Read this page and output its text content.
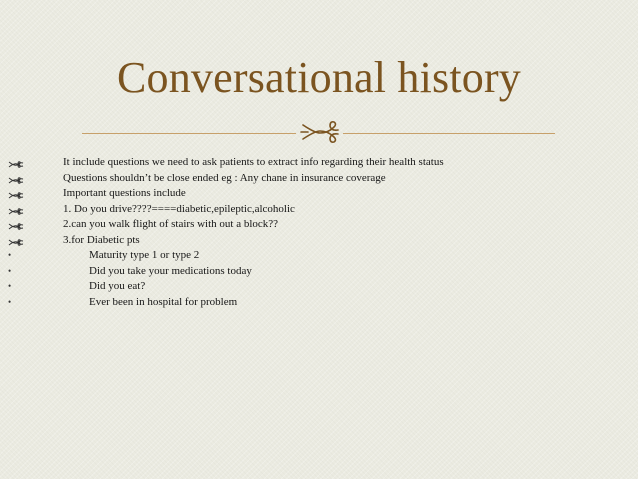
Conversational history
It include questions we need to ask patients to extract info regarding their health status
Questions shouldn’t be close ended eg : Any chane in insurance coverage
Important questions include
1. Do you drive????====diabetic,epileptic,alcoholic
2.can you walk flight of stairs with out a block??
3.for Diabetic pts
•	Maturity type 1 or type 2
•	Did you take your medications today
•	Did you eat?
•	Ever been in hospital for problem
